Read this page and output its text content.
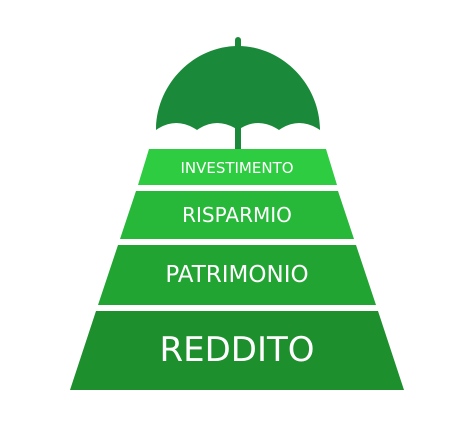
INVESTIMENTO
RISPARMIO
PATRIMONIO
REDDITO
